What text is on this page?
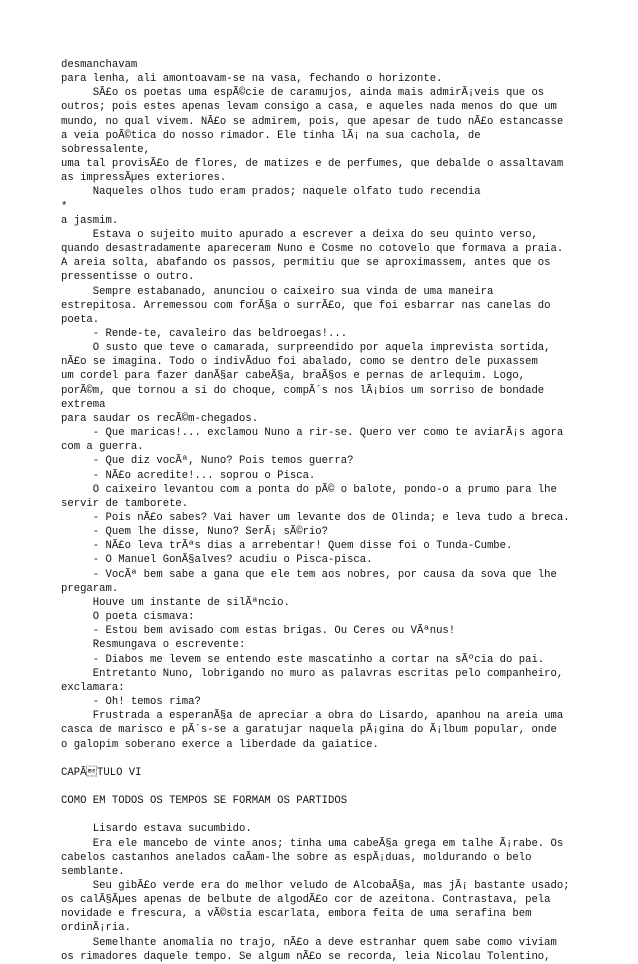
desmanchavam
para lenha, ali amontoavam-se na vasa, fechando o horizonte.
SÃ£o os poetas uma espÃ©cie de caramujos, ainda mais admirÃ¡veis que os
outros; pois estes apenas levam consigo a casa, e aqueles nada menos do que um
mundo, no qual vivem. NÃ£o se admirem, pois, que apesar de tudo nÃ£o estancasse
a veia poÃ©tica do nosso rimador. Ele tinha lÃ¡ na sua cachola, de
sobressalente,
uma tal provisÃ£o de flores, de matizes e de perfumes, que debalde o assaltavam
as impressÃµes exteriores.
Naqueles olhos tudo eram prados; naquele olfato tudo recendia
*
a jasmim.
Estava o sujeito muito apurado a escrever a deixa do seu quinto verso,
quando desastradamente apareceram Nuno e Cosme no cotovelo que formava a praia.
A areia solta, abafando os passos, permitiu que se aproximassem, antes que os
pressentisse o outro.
Sempre estabanado, anunciou o caixeiro sua vinda de uma maneira
estrepitosa. Arremessou com forÃ§a o surrÃ£o, que foi esbarrar nas canelas do
poeta.
- Rende-te, cavaleiro das beldroegas!...
O susto que teve o camarada, surpreendido por aquela imprevista sortida,
nÃ£o se imagina. Todo o indivÃduo foi abalado, como se dentro dele puxassem
um cordel para fazer danÃ§ar cabeÃ§a, braÃ§os e pernas de arlequim. Logo,
porÃ©m, que tornou a si do choque, compÃ´s nos lÃ¡bios um sorriso de bondade
extrema
para saudar os recÃ©m-chegados.
- Que maricas!... exclamou Nuno a rir-se. Quero ver como te aviarÃ¡s agora
com a guerra.
- Que diz vocÃª, Nuno? Pois temos guerra?
- NÃ£o acredite!... soprou o Pisca.
O caixeiro levantou com a ponta do pÃ© o balote, pondo-o a prumo para lhe
servir de tamborete.
- Pois nÃ£o sabes? Vai haver um levante dos de Olinda; e leva tudo a breca.
- Quem lhe disse, Nuno? SerÃ¡ sÃ©rio?
- NÃ£o leva trÃªs dias a arrebentar! Quem disse foi o Tunda-Cumbe.
- O Manuel GonÃ§alves? acudiu o Pisca-pisca.
- VocÃª bem sabe a gana que ele tem aos nobres, por causa da sova que lhe
pregaram.
Houve um instante de silÃªncio.
O poeta cismava:
- Estou bem avisado com estas brigas. Ou Ceres ou VÃªnus!
Resmungava o escrevente:
- Diabos me levem se entendo este mascatinho a cortar na sÃºcia do pai.
Entretanto Nuno, lobrigando no muro as palavras escritas pelo companheiro,
exclamara:
- Oh! temos rima?
Frustrada a esperanÃ§a de apreciar a obra do Lisardo, apanhou na areia uma
casca de marisco e pÃ´s-se a garatujar naquela pÃ¡gina do Ã¡lbum popular, onde
o galopim soberano exerce a liberdade da gaiatice.
CAPÃTULO VI
COMO EM TODOS OS TEMPOS SE FORMAM OS PARTIDOS
Lisardo estava sucumbido.
Era ele mancebo de vinte anos; tinha uma cabeÃ§a grega em talhe Ã¡rabe. Os
cabelos castanhos anelados caÃam-lhe sobre as espÃ¡duas, moldurando o belo
semblante.
Seu gibÃ£o verde era do melhor veludo de AlcobaÃ§a, mas jÃ¡ bastante usado;
os calÃ§Ãµes apenas de belbute de algodÃ£o cor de azeitona. Contrastava, pela
novidade e frescura, a vÃ©stia escarlata, embora feita de uma serafina bem
ordinÃ¡ria.
Semelhante anomalia no trajo, nÃ£o a deve estranhar quem sabe como viviam
os rimadores daquele tempo. Se algum nÃ£o se recorda, leia Nicolau Tolentino,
